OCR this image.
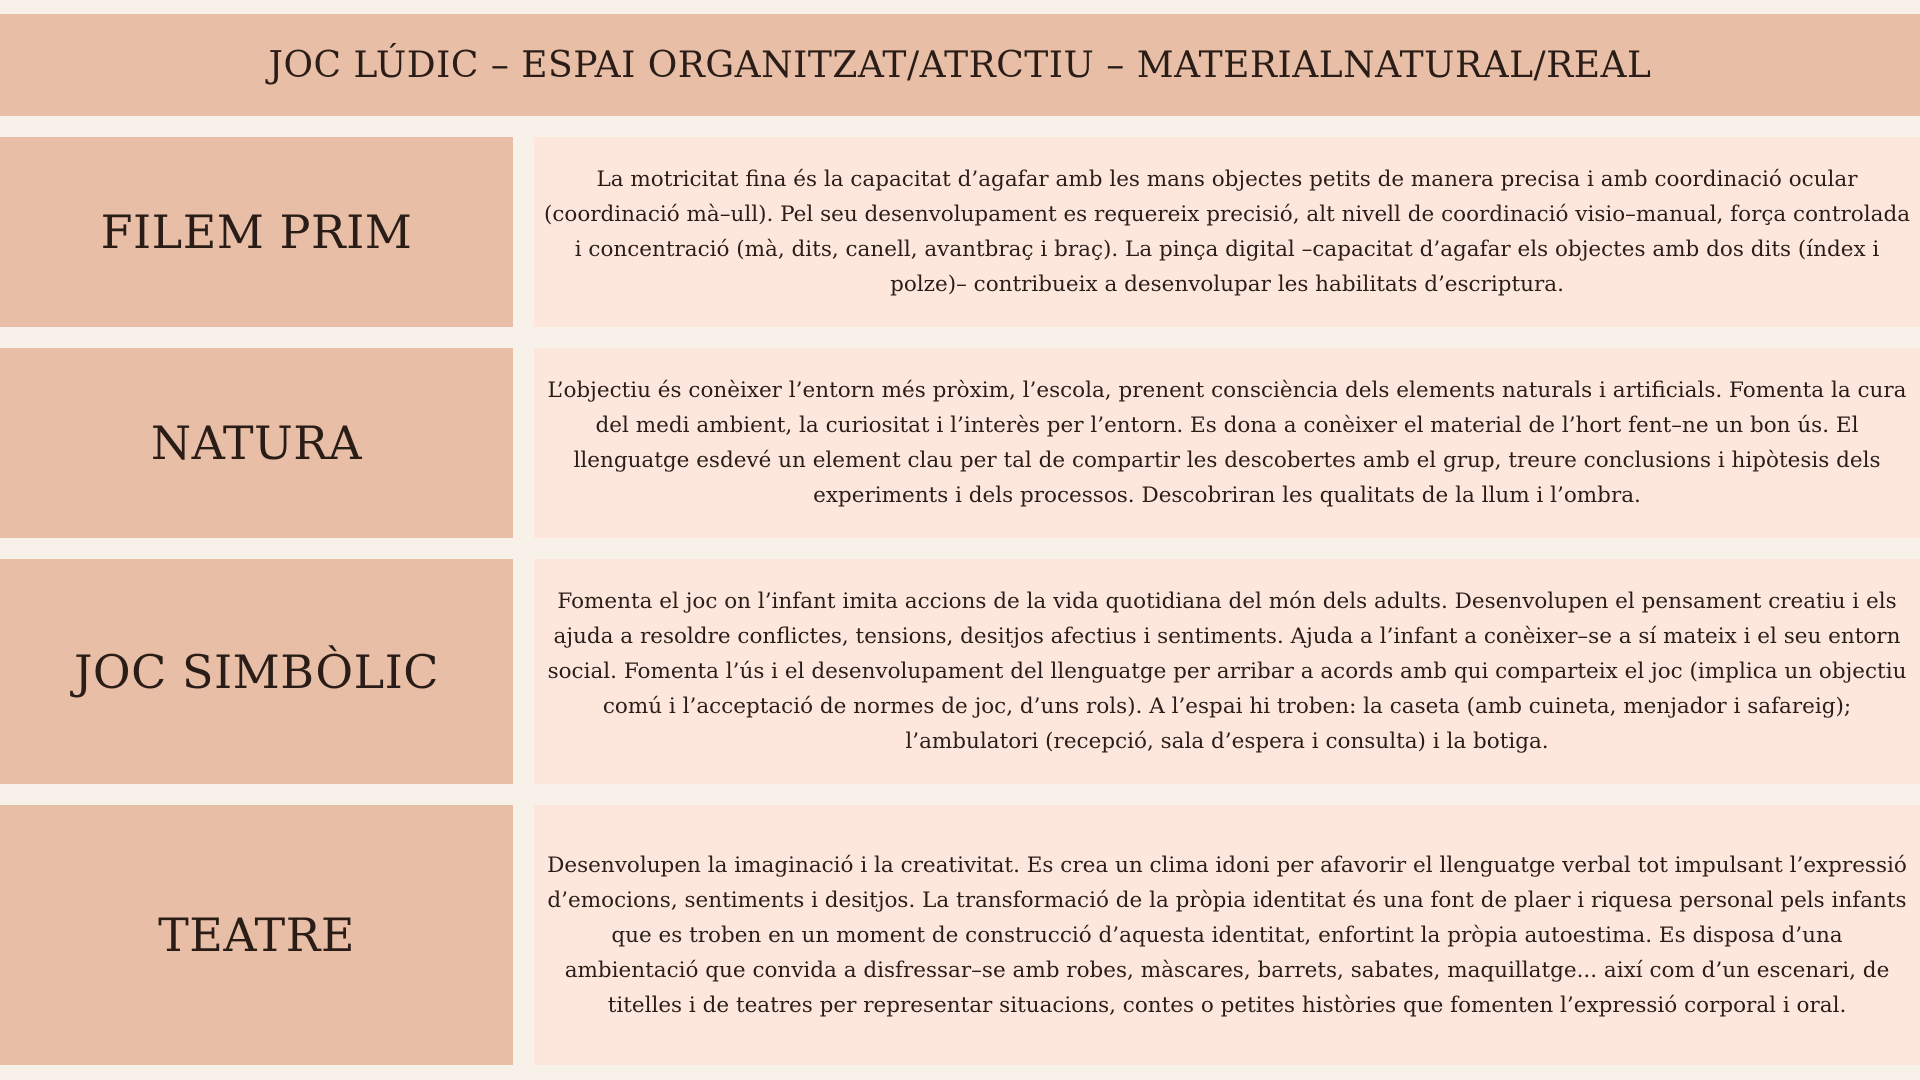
JOC LÚDIC – ESPAI ORGANITZAT/ATRCTIU – MATERIALNATURAL/REAL
FILEM PRIM

La motricitat fina és la capacitat d’agafar amb les mans objectes petits de manera precisa i amb coordinació ocular (coordinació mà–ull). Pel seu desenvolupament es requereix precisió, alt nivell de coordinació visio–manual, força controlada i concentració (mà, dits, canell, avantbraç i braç). La pinça digital –capacitat d’agafar els objectes amb dos dits (índex i polze)– contribueix a desenvolupar les habilitats d’escriptura.

NATURA

L’objectiu és conèixer l’entorn més pròxim, l’escola, prenent consciència dels elements naturals i artificials. Fomenta la cura del medi ambient, la curiositat i l’interès per l’entorn. Es dona a conèixer el material de l’hort fent–ne un bon ús. El llenguatge esdevé un element clau per tal de compartir les descobertes amb el grup, treure conclusions i hipòtesis dels experiments i dels processos. Descobriran les qualitats de la llum i l’ombra.

JOC SIMBÒLIC

Fomenta el joc on l’infant imita accions de la vida quotidiana del món dels adults. Desenvolupen el pensament creatiu i els ajuda a resoldre conflictes, tensions, desitjos afectius i sentiments. Ajuda a l’infant a conèixer–se a sí mateix i el seu entorn social. Fomenta l’ús i el desenvolupament del llenguatge per arribar a acords amb qui comparteix el joc (implica un objectiu comú i l’acceptació de normes de joc, d’uns rols). A l’espai hi troben: la caseta (amb cuineta, menjador i safareig); l’ambulatori (recepció, sala d’espera i consulta) i la botiga.

TEATRE

Desenvolupen la imaginació i la creativitat. Es crea un clima idoni per afavorir el llenguatge verbal tot impulsant l’expressió d’emocions, sentiments i desitjos. La transformació de la pròpia identitat és una font de plaer i riquesa personal pels infants que es troben en un moment de construcció d’aquesta identitat, enfortint la pròpia autoestima. Es disposa d’una ambientació que convida a disfressar–se amb robes, màscares, barrets, sabates, maquillatge... així com d’un escenari, de titelles i de teatres per representar situacions, contes o petites històries que fomenten l’expressió corporal i oral.
